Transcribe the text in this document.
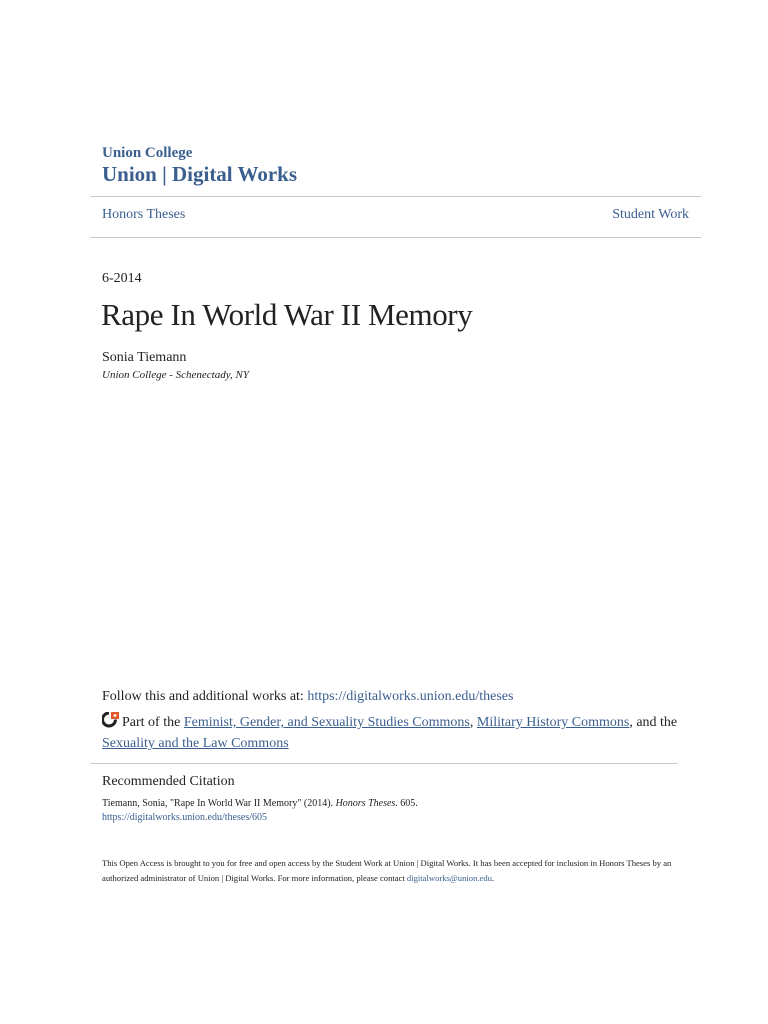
Union College
Union | Digital Works
Honors Theses	Student Work
6-2014
Rape In World War II Memory
Sonia Tiemann
Union College - Schenectady, NY
Follow this and additional works at: https://digitalworks.union.edu/theses
Part of the Feminist, Gender, and Sexuality Studies Commons, Military History Commons, and the Sexuality and the Law Commons
Recommended Citation
Tiemann, Sonia, "Rape In World War II Memory" (2014). Honors Theses. 605.
https://digitalworks.union.edu/theses/605
This Open Access is brought to you for free and open access by the Student Work at Union | Digital Works. It has been accepted for inclusion in Honors Theses by an authorized administrator of Union | Digital Works. For more information, please contact digitalworks@union.edu.
